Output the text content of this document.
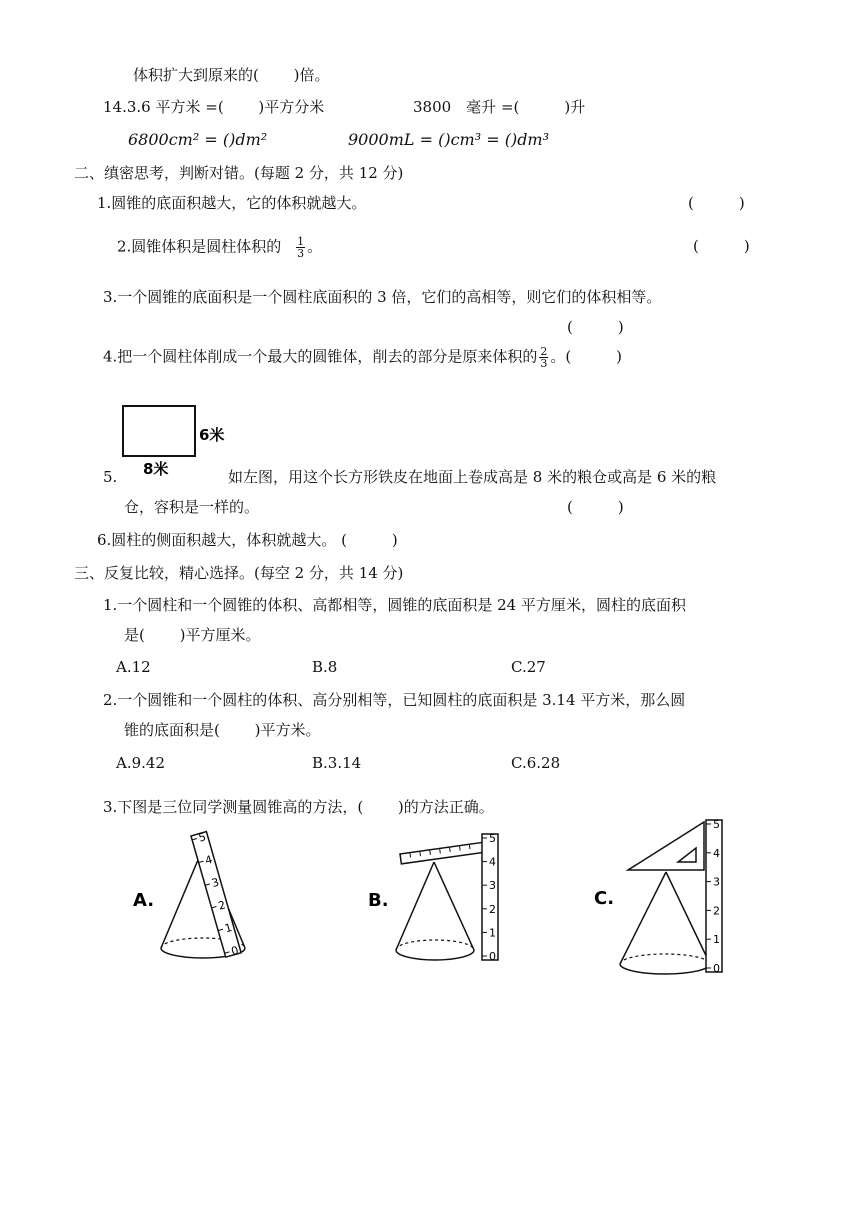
体积扩大到原来的(　　 )倍。
14.3.6 平方米 =(　　 )平方分米	3800　毫升 =(　　　)升
6800cm² = ()dm²	9000mL = ()cm³ = ()dm³
二、缜密思考，判断对错。(每题 2 分，共 12 分)
1.圆锥的底面积越大，它的体积就越大。	(　　　)
2.圆锥体积是圆柱体积的 $\frac{1}{3}$ 。	(　　　)
3.一个圆锥的底面积是一个圆柱底面积的 3 倍，它们的高相等，则它们的体积相等。
(　　　)
4.把一个圆柱体削成一个最大的圆锥体，削去的部分是原来体积的 $\frac{2}{3}$ 。(　　　)
6米
8米
5.	如左图，用这个长方形铁皮在地面上卷成高是 8 米的粮仓或高是 6 米的粮
仓，容积是一样的。	(　　　)
6.圆柱的侧面积越大，体积就越大。 (　　　)
三、反复比较，精心选择。(每空 2 分，共 14 分)
1.一个圆柱和一个圆锥的体积、高都相等，圆锥的底面积是 24 平方厘米，圆柱的底面积
是(　　 )平方厘米。
A.12	B.8	C.27
2.一个圆锥和一个圆柱的体积、高分别相等，已知圆柱的底面积是 3.14 平方米，那么圆
锥的底面积是(　　 )平方米。
A.9.42	B.3.14	C.6.28
3.下图是三位同学测量圆锥高的方法，(　　 )的方法正确。
A.
0
1
2
3
4
5
B.
0
1
2
3
4
5
C.
0
1
2
3
4
5
